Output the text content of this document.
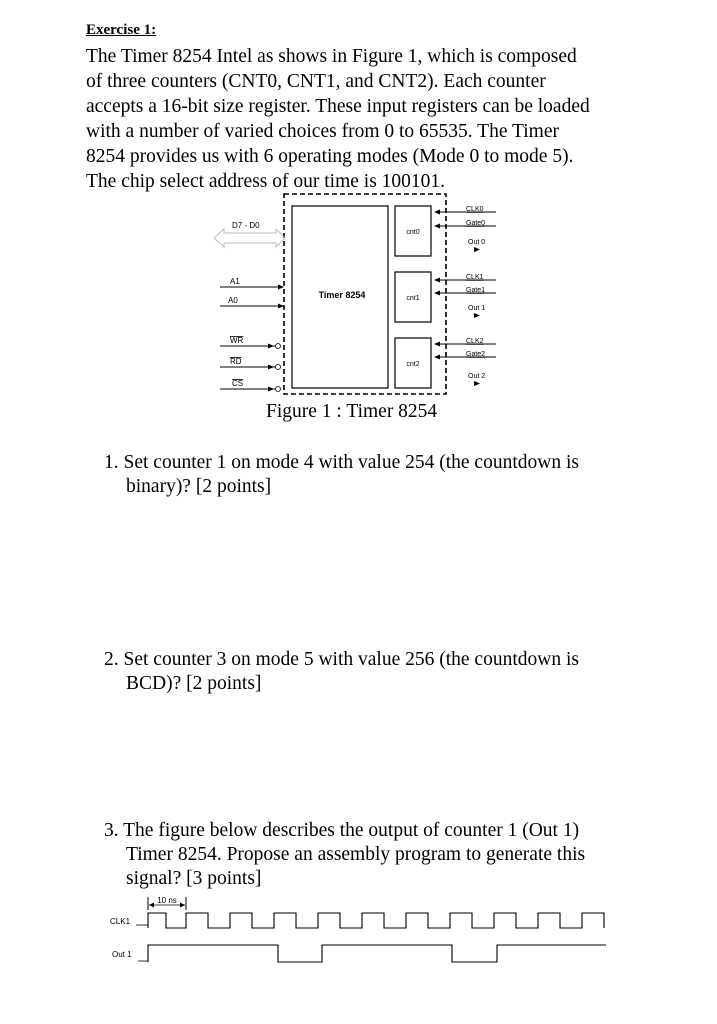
Exercise 1:

The Timer 8254 Intel as shows in Figure 1, which is composed

of three counters (CNT0, CNT1, and CNT2). Each counter

accepts a 16-bit size register. These input registers can be loaded

with a number of varied choices from 0 to 65535. The Timer

8254 provides us with 6 operating modes (Mode 0 to mode 5).

The chip select address of our time is 100101.

Timer 8254
cnt0
cnt1
cnt2
D7 - D0
A1
A0
WR
RD
CS
CLK0
Gate0
Out 0
CLK1
Gate1
Out 1
CLK2
Gate2
Out 2
Figure 1 : Timer 8254
1. Set counter 1 on mode 4 with value 254 (the countdown is
binary)? [2 points]
2. Set counter 3 on mode 5 with value 256 (the countdown is
BCD)? [2 points]
3. The figure below describes the output of counter 1 (Out 1)
Timer 8254. Propose an assembly program to generate this
signal? [3 points]
10 ns
CLK1
Out 1
